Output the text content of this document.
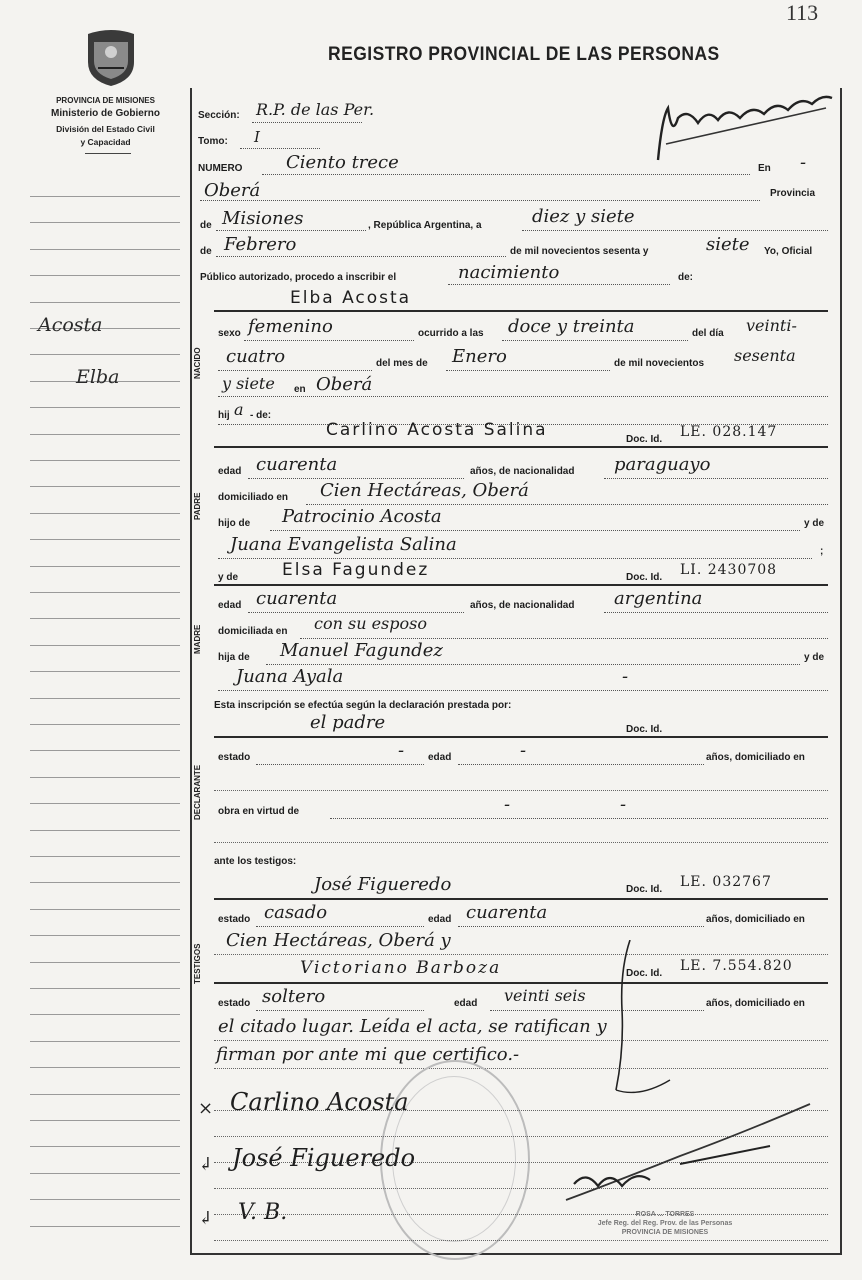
113
REGISTRO PROVINCIAL DE LAS PERSONAS
PROVINCIA DE MISIONES
Ministerio de Gobierno
División del Estado Civil
y Capacidad
Acosta
Elba
Sección: R.P. de las Per.
Tomo: I
NUMERO Ciento trece	En -
Oberá	Provincia
de Misiones	, República Argentina, a	diez y siete
de Febrero	de mil novecientos sesenta y	siete Yo, Oficial
Público autorizado, procedo a inscribir el	nacimiento	de:
Elba Acosta
NACIDO
sexo femenino	ocurrido a las doce y treinta	del día veinti-
cuatro	del mes de Enero	de mil novecientos sesenta
y siete en Oberá
hij a - de:
Carlino Acosta Salina	Doc. Id. LE. 028.147
PADRE
edad cuarenta	años, de nacionalidad paraguayo
domiciliado en Cien Hectáreas, Oberá
hijo de Patrocinio Acosta	y de
Juana Evangelista Salina	;
y de	Elsa Fagundez	Doc. Id. LI. 2430708
MADRE
edad cuarenta	años, de nacionalidad argentina
domiciliada en con su esposo
hija de Manuel Fagundez	y de
Juana Ayala	-
Esta inscripción se efectúa según la declaración prestada por:
el padre	Doc. Id.
DECLARANTE
estado	- edad	-	años, domiciliado en
obra en virtud de	-	-
ante los testigos:
José Figueredo	Doc. Id. LE. 032767
TESTIGOS
estado casado	edad cuarenta	años, domiciliado en
Cien Hectáreas, Oberá y
Victoriano Barboza	Doc. Id. LE. 7.554.820
estado soltero	edad veinti seis	años, domiciliado en
el citado lugar. Leída el acta, se ratifican y
firman por ante mi que certifico.-
× Carlino Acosta
↲ José Figueredo
↲ V. B.	ROSA ... TORRES
Jefe Reg. del Reg. Prov. de las Personas
PROVINCIA DE MISIONES
